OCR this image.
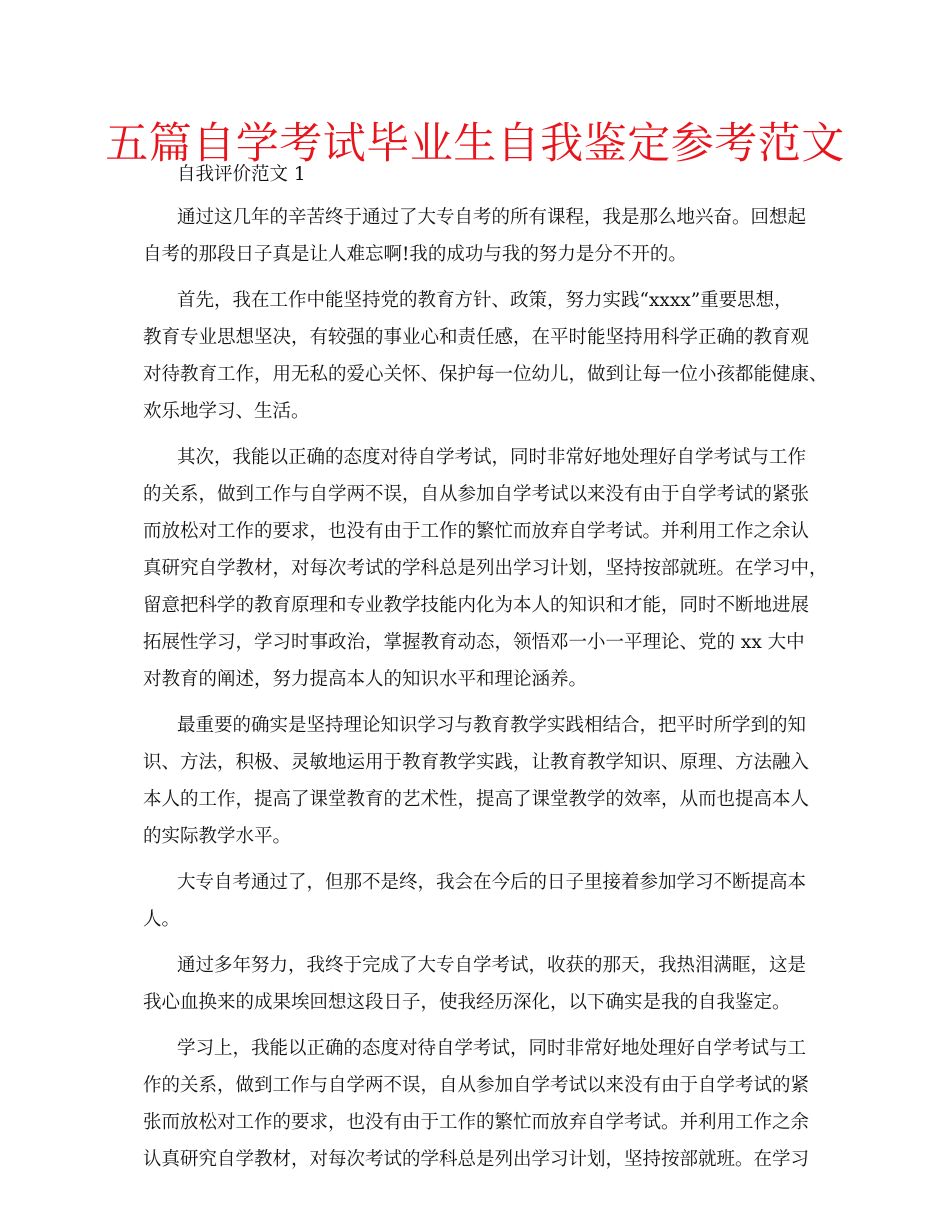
五篇自学考试毕业生自我鉴定参考范文

自我评价范文 1

通过这几年的辛苦终于通过了大专自考的所有课程，我是那么地兴奋。回想起
自考的那段日子真是让人难忘啊!我的成功与我的努力是分不开的。
首先，我在工作中能坚持党的教育方针、政策，努力实践“xxxx”重要思想，
教育专业思想坚决，有较强的事业心和责任感，在平时能坚持用科学正确的教育观
对待教育工作，用无私的爱心关怀、保护每一位幼儿，做到让每一位小孩都能健康、
欢乐地学习、生活。
其次，我能以正确的态度对待自学考试，同时非常好地处理好自学考试与工作
的关系，做到工作与自学两不误，自从参加自学考试以来没有由于自学考试的紧张
而放松对工作的要求，也没有由于工作的繁忙而放弃自学考试。并利用工作之余认
真研究自学教材，对每次考试的学科总是列出学习计划，坚持按部就班。在学习中，
留意把科学的教育原理和专业教学技能内化为本人的知识和才能，同时不断地进展
拓展性学习，学习时事政治，掌握教育动态，领悟邓一小一平理论、党的 xx 大中
对教育的阐述，努力提高本人的知识水平和理论涵养。
最重要的确实是坚持理论知识学习与教育教学实践相结合，把平时所学到的知
识、方法，积极、灵敏地运用于教育教学实践，让教育教学知识、原理、方法融入
本人的工作，提高了课堂教育的艺术性，提高了课堂教学的效率，从而也提高本人
的实际教学水平。
大专自考通过了，但那不是终，我会在今后的日子里接着参加学习不断提高本
人。
通过多年努力，我终于完成了大专自学考试，收获的那天，我热泪满眶，这是
我心血换来的成果埃回想这段日子，使我经历深化，以下确实是我的自我鉴定。
学习上，我能以正确的态度对待自学考试，同时非常好地处理好自学考试与工
作的关系，做到工作与自学两不误，自从参加自学考试以来没有由于自学考试的紧
张而放松对工作的要求，也没有由于工作的繁忙而放弃自学考试。并利用工作之余
认真研究自学教材，对每次考试的学科总是列出学习计划，坚持按部就班。在学习
